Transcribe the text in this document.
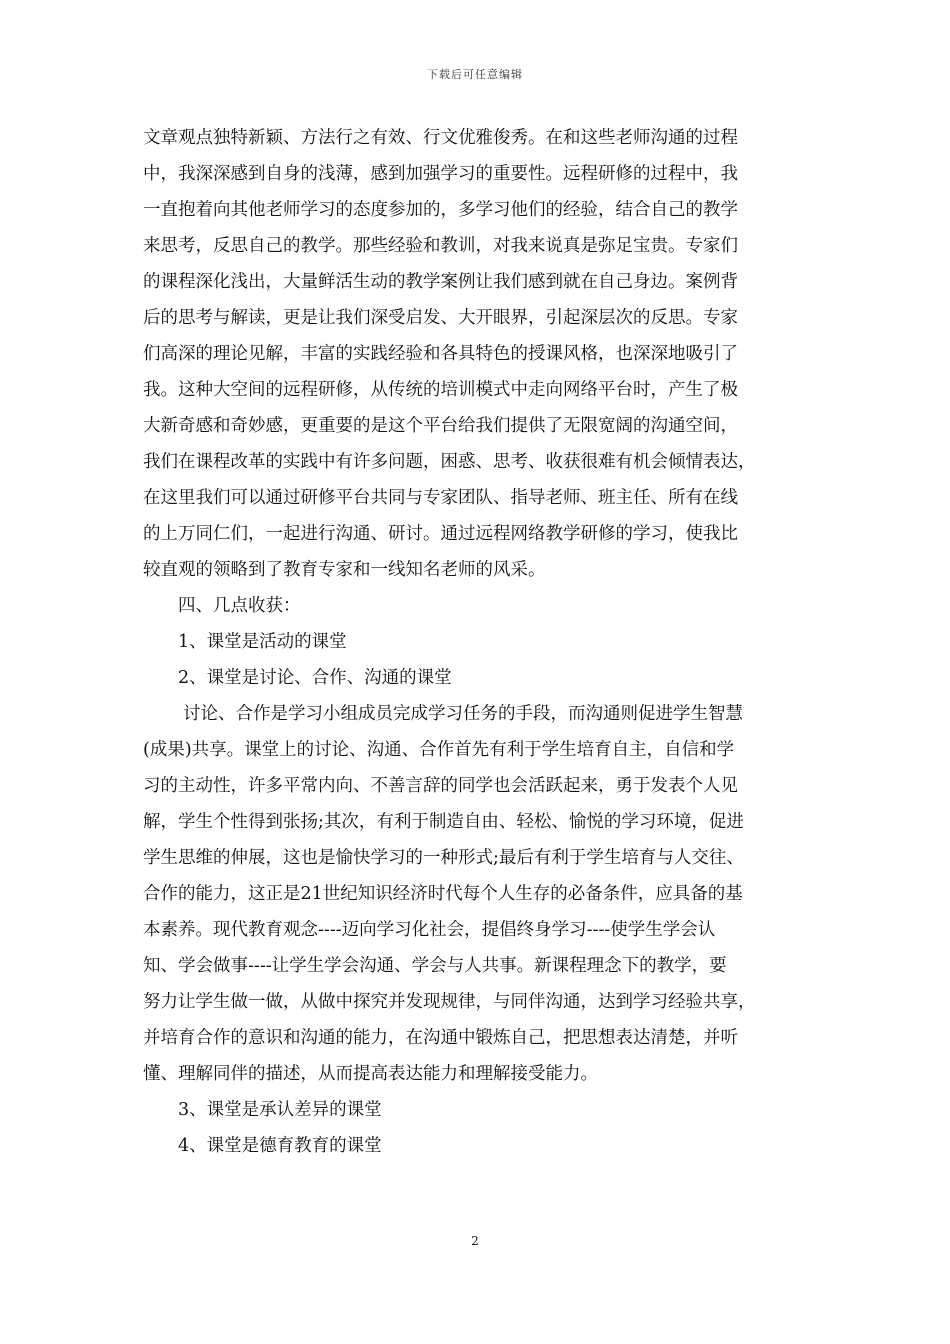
下载后可任意编辑
文章观点独特新颖、方法行之有效、行文优雅俊秀。在和这些老师沟通的过程
中，我深深感到自身的浅薄，感到加强学习的重要性。远程研修的过程中，我
一直抱着向其他老师学习的态度参加的，多学习他们的经验，结合自己的教学
来思考，反思自己的教学。那些经验和教训，对我来说真是弥足宝贵。专家们
的课程深化浅出，大量鲜活生动的教学案例让我们感到就在自己身边。案例背
后的思考与解读，更是让我们深受启发、大开眼界，引起深层次的反思。专家
们高深的理论见解，丰富的实践经验和各具特色的授课风格，也深深地吸引了
我。这种大空间的远程研修，从传统的培训模式中走向网络平台时，产生了极
大新奇感和奇妙感，更重要的是这个平台给我们提供了无限宽阔的沟通空间，
我们在课程改革的实践中有许多问题，困惑、思考、收获很难有机会倾情表达，
在这里我们可以通过研修平台共同与专家团队、指导老师、班主任、所有在线
的上万同仁们，一起进行沟通、研讨。通过远程网络教学研修的学习，使我比
较直观的领略到了教育专家和一线知名老师的风采。
四、几点收获：
1、课堂是活动的课堂
2、课堂是讨论、合作、沟通的课堂
讨论、合作是学习小组成员完成学习任务的手段，而沟通则促进学生智慧
(成果)共享。课堂上的讨论、沟通、合作首先有利于学生培育自主，自信和学
习的主动性，许多平常内向、不善言辞的同学也会活跃起来，勇于发表个人见
解，学生个性得到张扬;其次，有利于制造自由、轻松、愉悦的学习环境，促进
学生思维的伸展，这也是愉快学习的一种形式;最后有利于学生培育与人交往、
合作的能力，这正是21世纪知识经济时代每个人生存的必备条件，应具备的基
本素养。现代教育观念----迈向学习化社会，提倡终身学习----使学生学会认
知、学会做事----让学生学会沟通、学会与人共事。新课程理念下的教学，要
努力让学生做一做，从做中探究并发现规律，与同伴沟通，达到学习经验共享，
并培育合作的意识和沟通的能力，在沟通中锻炼自己，把思想表达清楚，并听
懂、理解同伴的描述，从而提高表达能力和理解接受能力。
3、课堂是承认差异的课堂
4、课堂是德育教育的课堂
2
